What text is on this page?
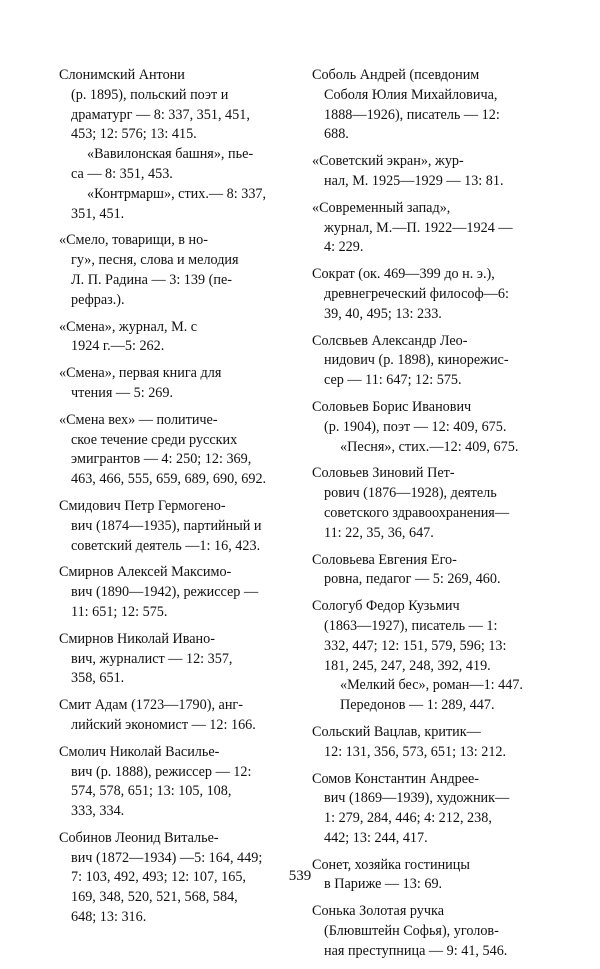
Слонимский Антони
(р. 1895), польский поэт и
драматург — 8: 337, 351, 451,
453; 12: 576; 13: 415.
«Вавилонская башня», пье-
са — 8: 351, 453.
«Контрмарш», стих.— 8: 337,
351, 451.
«Смело, товарищи, в но-
гу», песня, слова и мелодия
Л. П. Радина — 3: 139 (пе-
рефраз.).
«Смена», журнал, М. с
1924 г.—5: 262.
«Смена», первая книга для
чтения — 5: 269.
«Смена вех» — политиче-
ское течение среди русских
эмигрантов — 4: 250; 12: 369,
463, 466, 555, 659, 689, 690, 692.
Смидович Петр Гермогено-
вич (1874—1935), партийный и
советский деятель —1: 16, 423.
Смирнов Алексей Максимо-
вич (1890—1942), режиссер —
11: 651; 12: 575.
Смирнов Николай Ивано-
вич, журналист — 12: 357,
358, 651.
Смит Адам (1723—1790), анг-
лийский экономист — 12: 166.
Смолич Николай Василье-
вич (р. 1888), режиссер — 12:
574, 578, 651; 13: 105, 108,
333, 334.
Собинов Леонид Виталье-
вич (1872—1934) —5: 164, 449;
7: 103, 492, 493; 12: 107, 165,
169, 348, 520, 521, 568, 584,
648; 13: 316.
Соболь Андрей (псевдоним
Соболя Юлия Михайловича,
1888—1926), писатель — 12:
688.
«Советский экран», жур-
нал, М. 1925—1929 — 13: 81.
«Современный запад»,
журнал, М.—П. 1922—1924 —
4: 229.
Сократ (ок. 469—399 до н. э.),
древнегреческий философ—6:
39, 40, 495; 13: 233.
Солсвьев Александр Лео-
нидович (р. 1898), кинорежис-
сер — 11: 647; 12: 575.
Соловьев Борис Иванович
(р. 1904), поэт — 12: 409, 675.
«Песня», стих.—12: 409, 675.
Соловьев Зиновий Пет-
рович (1876—1928), деятель
советского здравоохранения—
11: 22, 35, 36, 647.
Соловьева Евгения Его-
ровна, педагог — 5: 269, 460.
Сологуб Федор Кузьмич
(1863—1927), писатель — 1:
332, 447; 12: 151, 579, 596; 13:
181, 245, 247, 248, 392, 419.
«Мелкий бес», роман—1: 447.
Передонов — 1: 289, 447.
Сольский Вацлав, критик—
12: 131, 356, 573, 651; 13: 212.
Сомов Константин Андрее-
вич (1869—1939), художник—
1: 279, 284, 446; 4: 212, 238,
442; 13: 244, 417.
Сонет, хозяйка гостиницы
в Париже — 13: 69.
Сонька Золотая ручка
(Блювштейн Софья), уголов-
ная преступница — 9: 41, 546.
539
